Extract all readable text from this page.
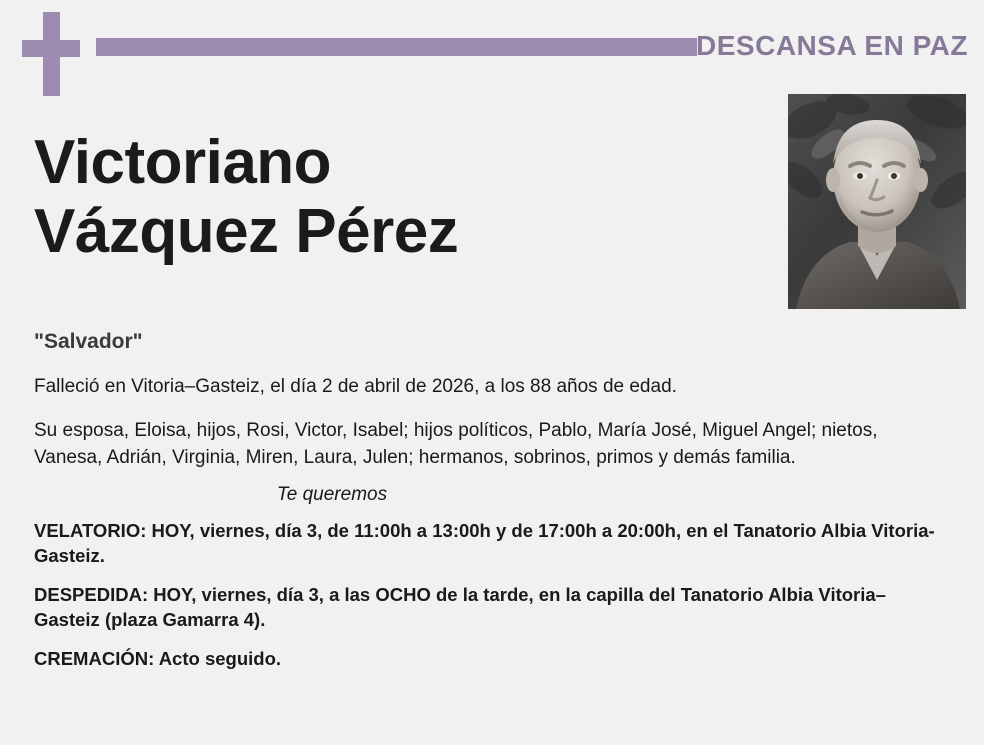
DESCANSA EN PAZ
Victoriano
Vázquez Pérez
"Salvador"
Falleció en Vitoria–Gasteiz, el día 2 de abril de 2026, a los 88 años de edad.
Su esposa, Eloisa, hijos, Rosi, Victor, Isabel; hijos políticos, Pablo, María José, Miguel Angel; nietos, Vanesa, Adrián, Virginia, Miren, Laura, Julen; hermanos, sobrinos, primos y demás familia.
Te queremos
VELATORIO: HOY, viernes, día 3, de 11:00h a 13:00h y de 17:00h a 20:00h, en el Tanatorio Albia Vitoria-Gasteiz.
DESPEDIDA: HOY, viernes, día 3, a las OCHO de la tarde, en la capilla del Tanatorio Albia Vitoria–Gasteiz (plaza Gamarra 4).
CREMACIÓN: Acto seguido.
